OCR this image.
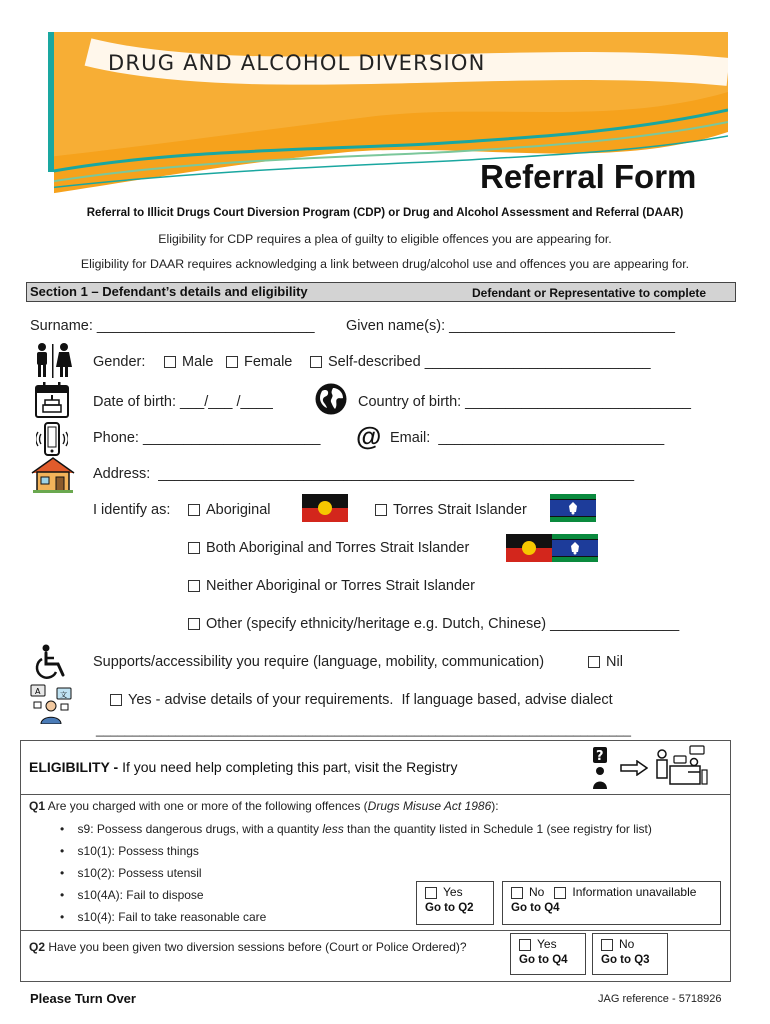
DRUG AND ALCOHOL DIVERSION
Referral Form
Referral to Illicit Drugs Court Diversion Program (CDP) or Drug and Alcohol Assessment and Referral (DAAR)
Eligibility for CDP requires a plea of guilty to eligible offences you are appearing for.
Eligibility for DAAR requires acknowledging a link between drug/alcohol use and offences you are appearing for.
Section 1 – Defendant’s details and eligibility	Defendant or Representative to complete
Surname: ___________________________ Given name(s): ____________________________
Gender:	Male	Female	Self-described ____________________________
Date of birth: ___/___ /____	Country of birth: ____________________________
Phone: ______________________ @ Email:  ____________________________
Address:  ___________________________________________________________
I identify as:	Aboriginal	Torres Strait Islander
Both Aboriginal and Torres Strait Islander
Neither Aboriginal or Torres Strait Islander
Other (specify ethnicity/heritage e.g. Dutch, Chinese) ________________
Supports/accessibility you require (language, mobility, communication)	Nil
A	文	Yes - advise details of your requirements.  If language based, advise dialect
__________________________________________________________________________
ELIGIBILITY - If you need help completing this part, visit the Registry
?
Q1 Are you charged with one or more of the following offences (Drugs Misuse Act 1986):
•    s9: Possess dangerous drugs, with a quantity less than the quantity listed in Schedule 1 (see registry for list)
•    s10(1): Possess things
•    s10(2): Possess utensil
•    s10(4A): Fail to dispose
•    s10(4): Fail to take reasonable care
Yes
Go to Q2
No Information unavailable
Go to Q4
Q2 Have you been given two diversion sessions before (Court or Police Ordered)?	Yes
Go to Q4
No
Go to Q3
Please Turn Over	JAG reference - 5718926
